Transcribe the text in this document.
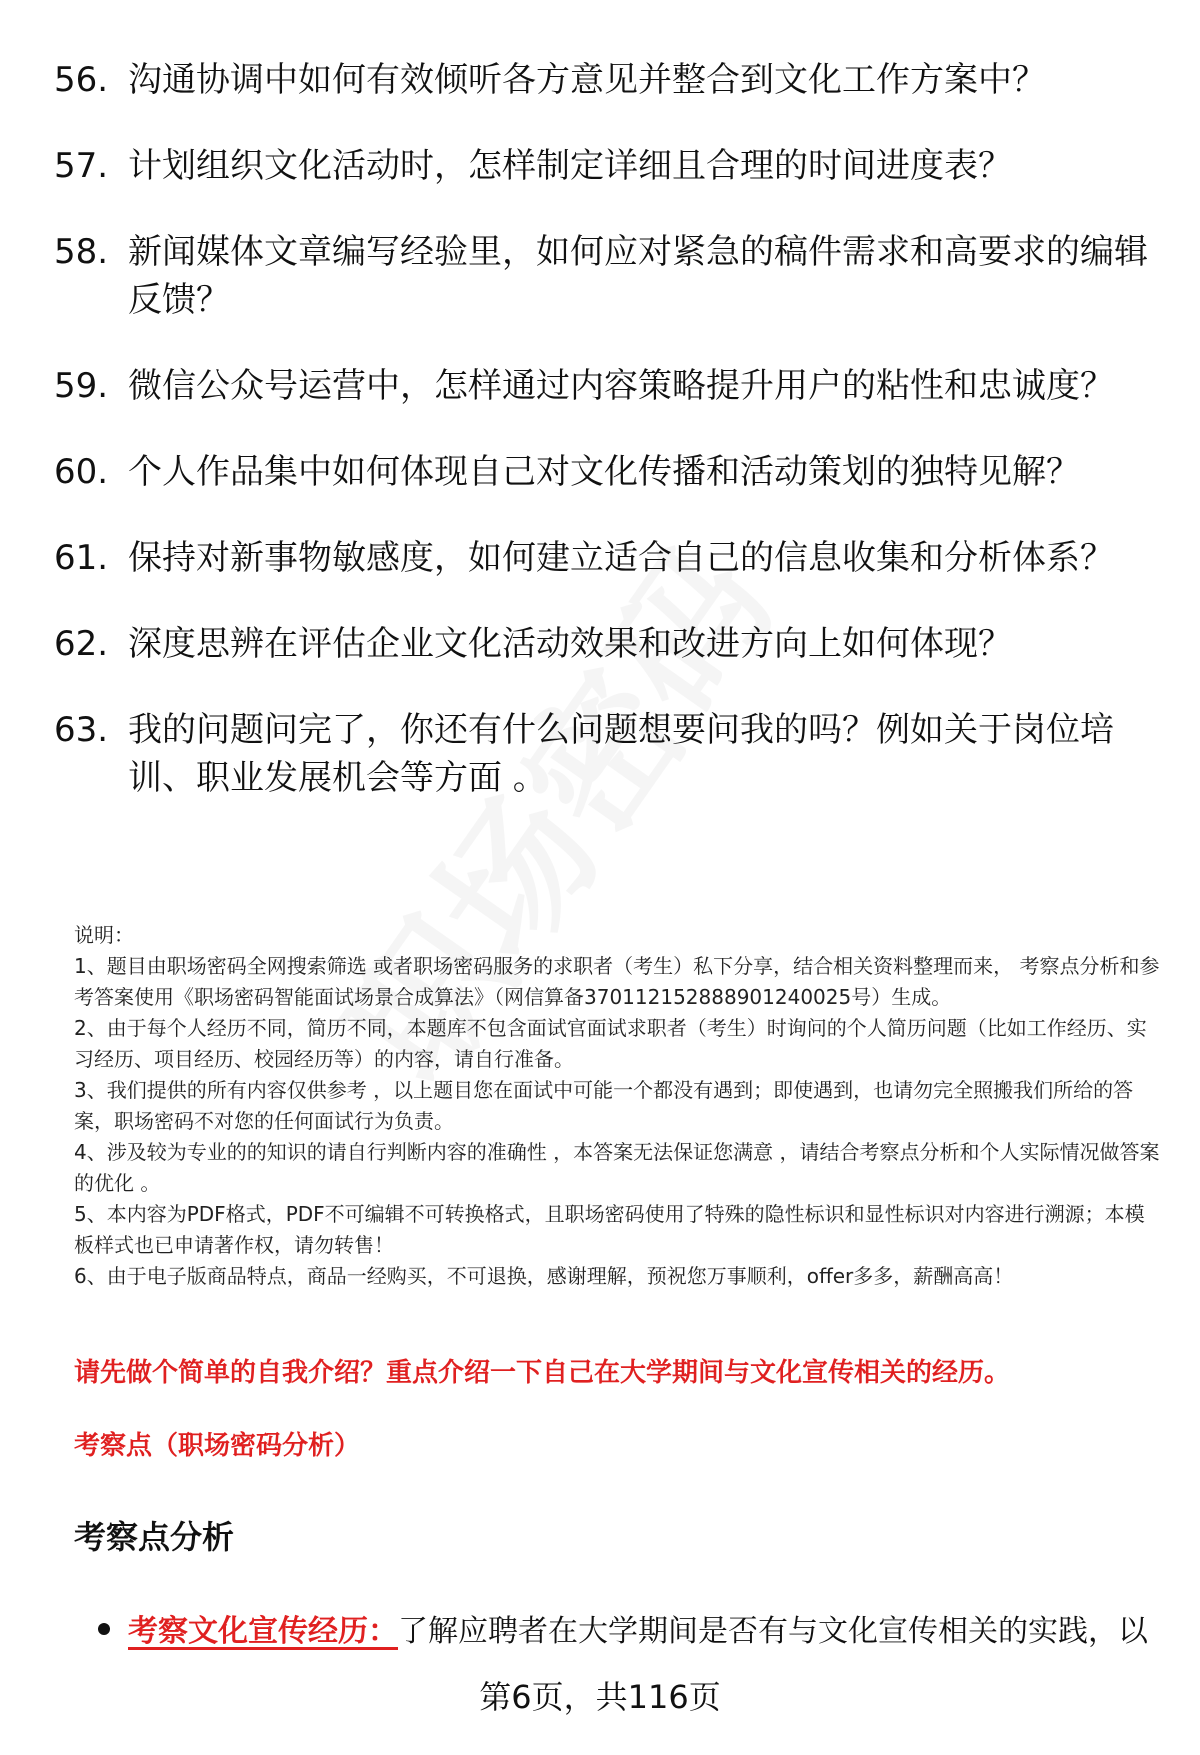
56. 沟通协调中如何有效倾听各方意见并整合到文化工作方案中？
57. 计划组织文化活动时，怎样制定详细且合理的时间进度表？
58. 新闻媒体文章编写经验里，如何应对紧急的稿件需求和高要求的编辑反馈？
59. 微信公众号运营中，怎样通过内容策略提升用户的粘性和忠诚度？
60. 个人作品集中如何体现自己对文化传播和活动策划的独特见解？
61. 保持对新事物敏感度，如何建立适合自己的信息收集和分析体系？
62. 深度思辨在评估企业文化活动效果和改进方向上如何体现？
63. 我的问题问完了，你还有什么问题想要问我的吗？例如关于岗位培训、职业发展机会等方面 。

说明：

1、题目由职场密码全网搜索筛选 或者职场密码服务的求职者（考生）私下分享，结合相关资料整理而来， 考察点分析和参考答案使用《职场密码智能面试场景合成算法》（网信算备370112152888901240025号）生成。

2、由于每个人经历不同，简历不同，本题库不包含面试官面试求职者（考生）时询问的个人简历问题（比如工作经历、实习经历、项目经历、校园经历等）的内容，请自行准备。

3、我们提供的所有内容仅供参考 ，以上题目您在面试中可能一个都没有遇到；即使遇到，也请勿完全照搬我们所给的答案，职场密码不对您的任何面试行为负责。

4、涉及较为专业的的知识的请自行判断内容的准确性 ，本答案无法保证您满意 ，请结合考察点分析和个人实际情况做答案的优化 。

5、本内容为PDF格式，PDF不可编辑不可转换格式，且职场密码使用了特殊的隐性标识和显性标识对内容进行溯源；本模板样式也已申请著作权，请勿转售！

6、由于电子版商品特点，商品一经购买，不可退换，感谢理解，预祝您万事顺利，offer多多，薪酬高高！

请先做个简单的自我介绍？重点介绍一下自己在大学期间与文化宣传相关的经历。
考察点（职场密码分析）
考察点分析
考察文化宣传经历：了解应聘者在大学期间是否有与文化宣传相关的实践，以
第6页，共116页
